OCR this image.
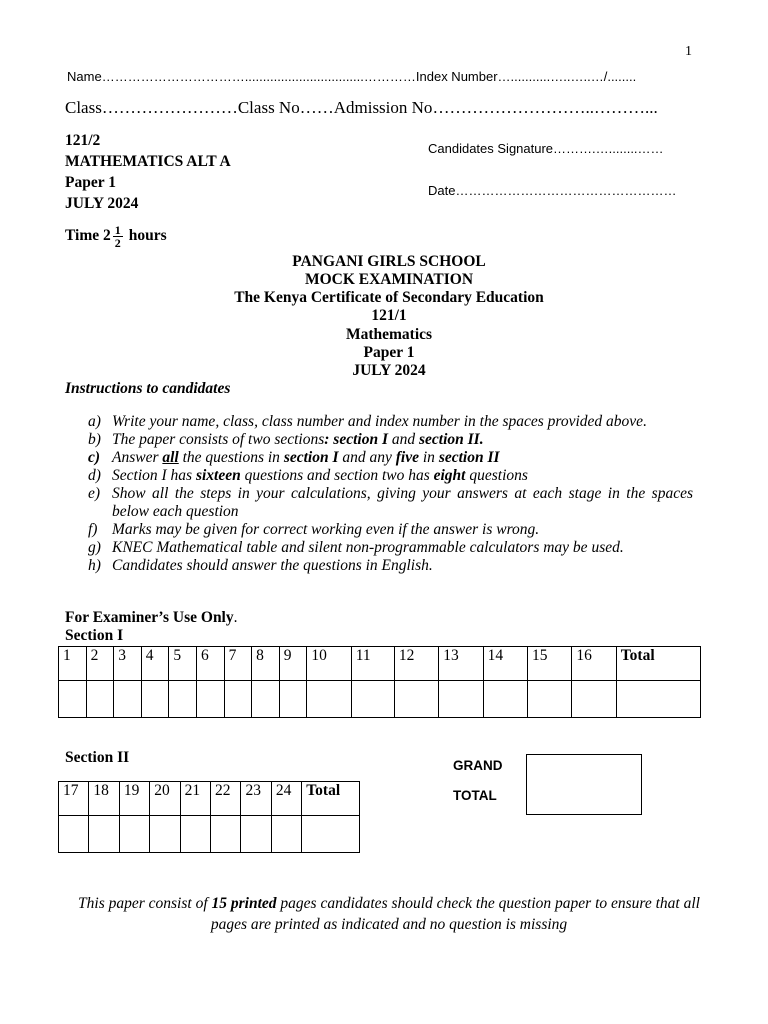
1
Name…………………………….................................…………Index Number…...........…..…..…/........
Class……………………Class No……Admission No………………………..………...
121/2
MATHEMATICS ALT A
Paper 1
JULY 2024
Time $2 \frac{1}{2}$ hours
Candidates Signature……….…........……
Date……………………………………………
PANGANI GIRLS SCHOOL
MOCK EXAMINATION
The Kenya Certificate of Secondary Education
121/1
Mathematics
Paper 1
JULY 2024
Instructions to candidates
a) Write your name, class, class number and index number in the spaces provided above.
b) The paper consists of two sections: section I and section II.
c) Answer all the questions in section I and any five in section II
d) Section I has sixteen questions and section two has eight questions
e) Show all the steps in your calculations, giving your answers at each stage in the spaces below each question
f) Marks may be given for correct working even if the answer is wrong.
g) KNEC Mathematical table and silent non-programmable calculators may be used.
h) Candidates should answer the questions in English.
For Examiner’s Use Only.
Section I
1	2	3	4	5	6	7	8	9	10	11	12	13	14	15	16	Total

Section II
17	18	19	20	21	22	23	24	Total

GRAND
TOTAL
This paper consist of 15 printed pages candidates should check the question paper to ensure that all pages are printed as indicated and no question is missing
